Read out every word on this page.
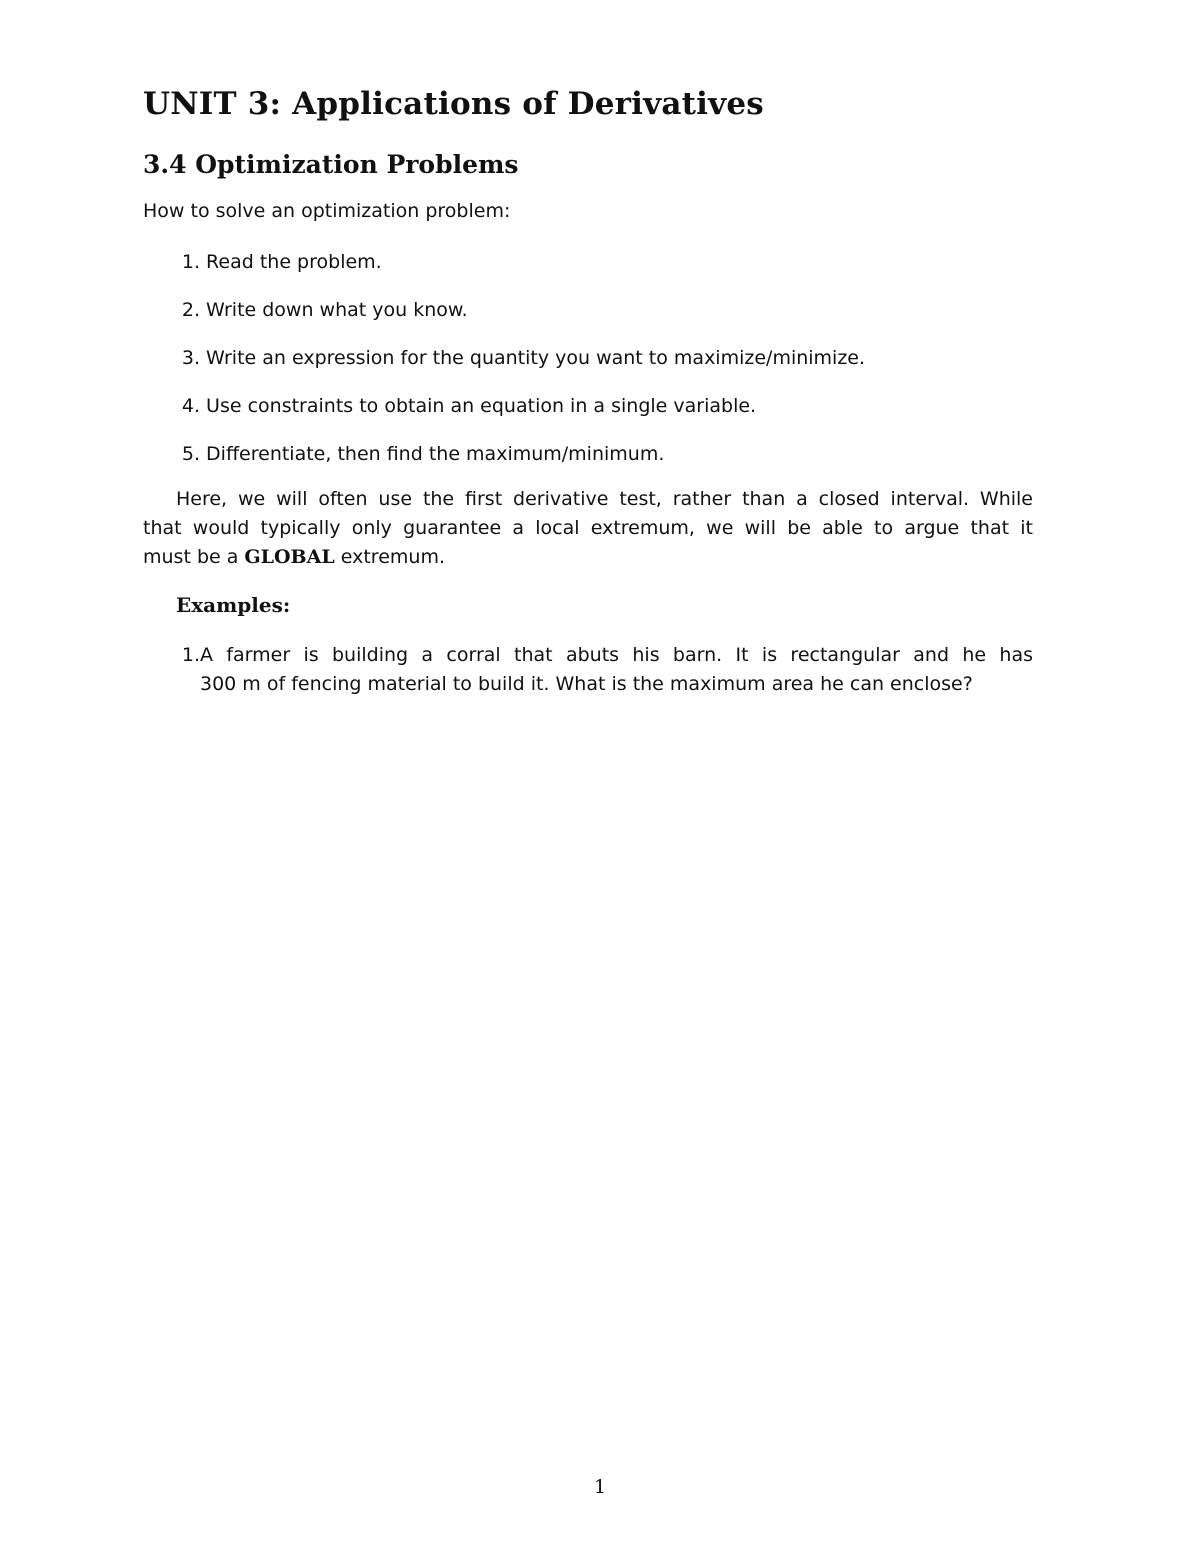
UNIT 3: Applications of Derivatives
3.4 Optimization Problems

How to solve an optimization problem:

1. Read the problem.
2. Write down what you know.
3. Write an expression for the quantity you want to maximize/minimize.
4. Use constraints to obtain an equation in a single variable.
5. Differentiate, then find the maximum/minimum.

Here, we will often use the first derivative test, rather than a closed interval. While
that would typically only guarantee a local extremum, we will be able to argue that it
must be a GLOBAL extremum.

Examples:
1. A farmer is building a corral that abuts his barn. It is rectangular and he has
300 m of fencing material to build it. What is the maximum area he can enclose?
1
